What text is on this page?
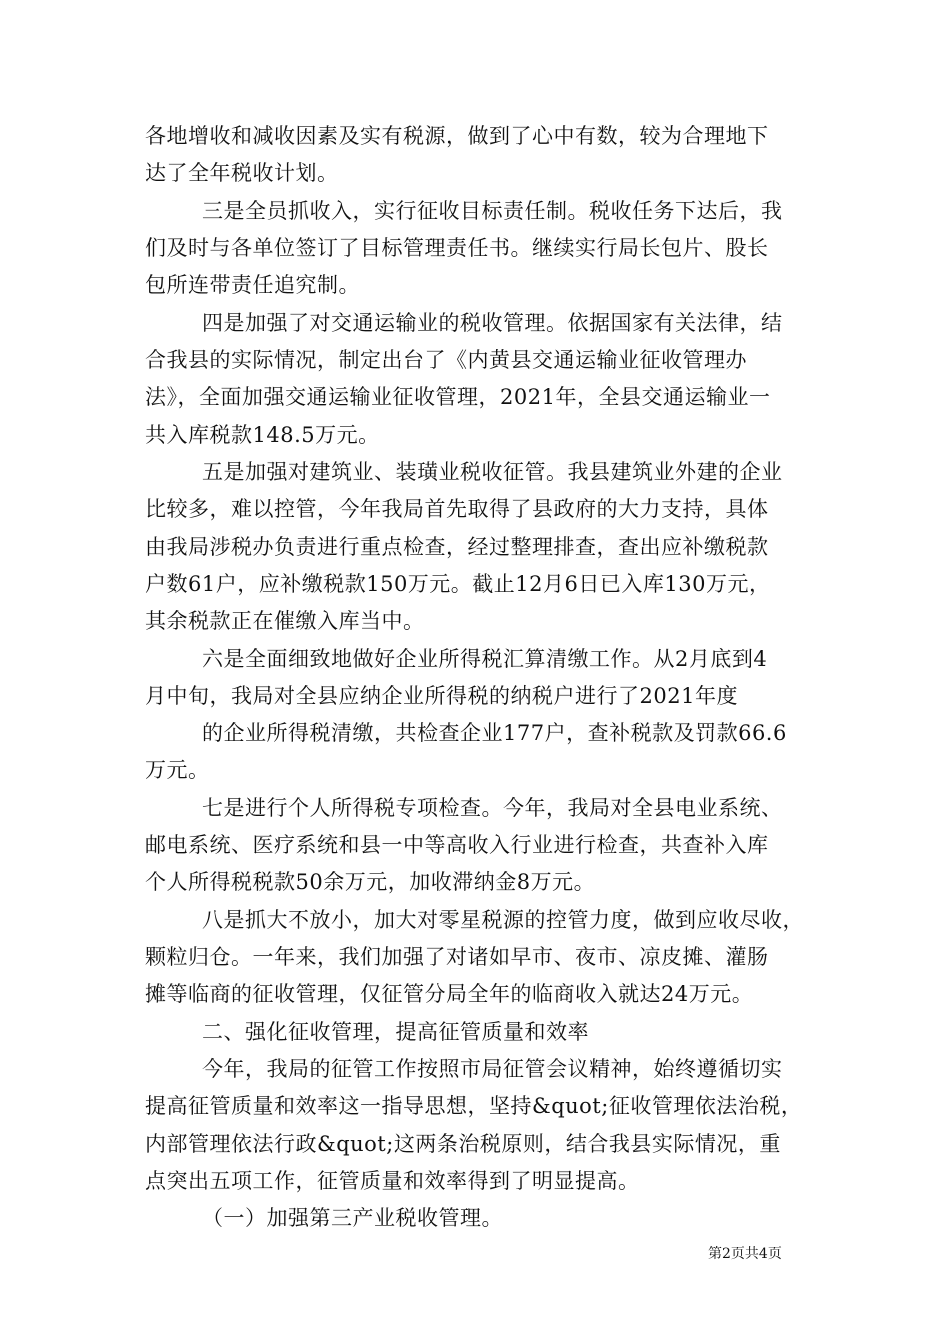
各地增收和减收因素及实有税源，做到了心中有数，较为合理地下
达了全年税收计划。
三是全员抓收入，实行征收目标责任制。税收任务下达后，我
们及时与各单位签订了目标管理责任书。继续实行局长包片、股长
包所连带责任追究制。
四是加强了对交通运输业的税收管理。依据国家有关法律，结
合我县的实际情况，制定出台了《内黄县交通运输业征收管理办
法》，全面加强交通运输业征收管理，2021年，全县交通运输业一
共入库税款148.5万元。
五是加强对建筑业、装璜业税收征管。我县建筑业外建的企业
比较多，难以控管，今年我局首先取得了县政府的大力支持，具体
由我局涉税办负责进行重点检查，经过整理排查，查出应补缴税款
户数61户，应补缴税款150万元。截止12月6日已入库130万元，
其余税款正在催缴入库当中。
六是全面细致地做好企业所得税汇算清缴工作。从2月底到4
月中旬，我局对全县应纳企业所得税的纳税户进行了2021年度
的企业所得税清缴，共检查企业177户，查补税款及罚款66.6
万元。
七是进行个人所得税专项检查。今年，我局对全县电业系统、
邮电系统、医疗系统和县一中等高收入行业进行检查，共查补入库
个人所得税税款50余万元，加收滞纳金8万元。
八是抓大不放小，加大对零星税源的控管力度，做到应收尽收，
颗粒归仓。一年来，我们加强了对诸如早市、夜市、凉皮摊、灌肠
摊等临商的征收管理，仅征管分局全年的临商收入就达24万元。
二、强化征收管理，提高征管质量和效率
今年，我局的征管工作按照市局征管会议精神，始终遵循切实
提高征管质量和效率这一指导思想，坚持&quot;征收管理依法治税，
内部管理依法行政&quot;这两条治税原则，结合我县实际情况，重
点突出五项工作，征管质量和效率得到了明显提高。
（一）加强第三产业税收管理。
第2页共4页
